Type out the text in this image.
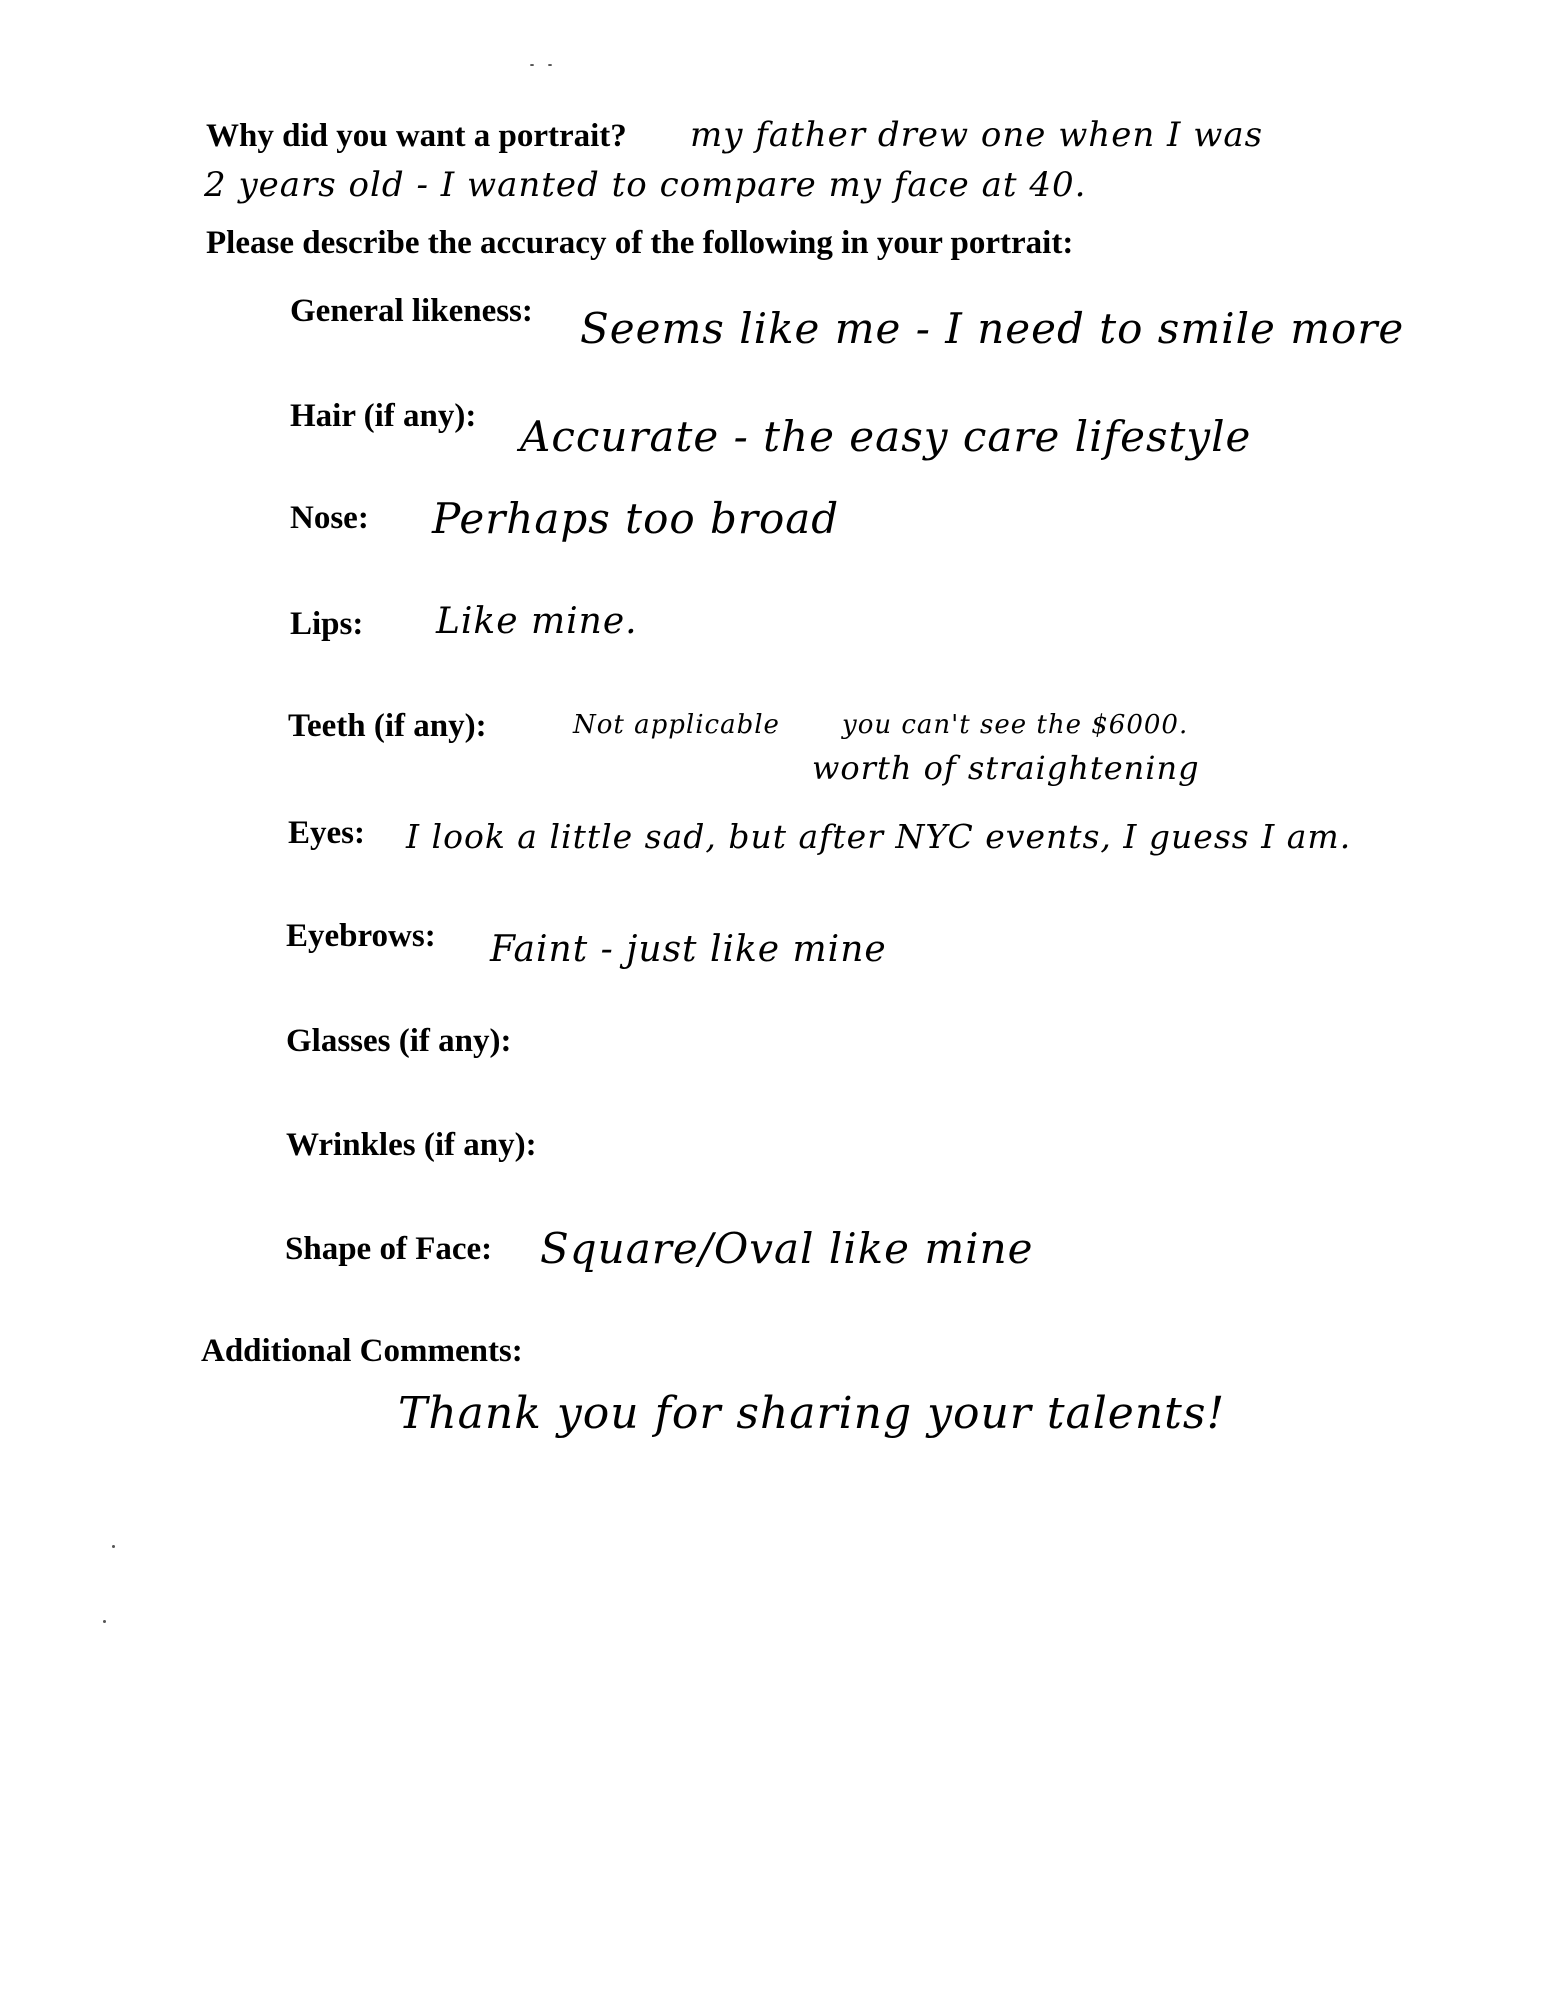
Why did you want a portrait? my father drew one when I was
2 years old - I wanted to compare my face at 40.
Please describe the accuracy of the following in your portrait:
General likeness: Seems like me - I need to smile more
Hair (if any): Accurate - the easy care lifestyle
Nose: Perhaps too broad
Lips: Like mine.
Teeth (if any):	Not applicable you can't see the $6000.
worth of straightening
Eyes: I look a little sad, but after NYC events, I guess I am.
Eyebrows: Faint - just like mine
Glasses (if any):
Wrinkles (if any):
Shape of Face: Square/Oval like mine
Additional Comments:
Thank you for sharing your talents!
